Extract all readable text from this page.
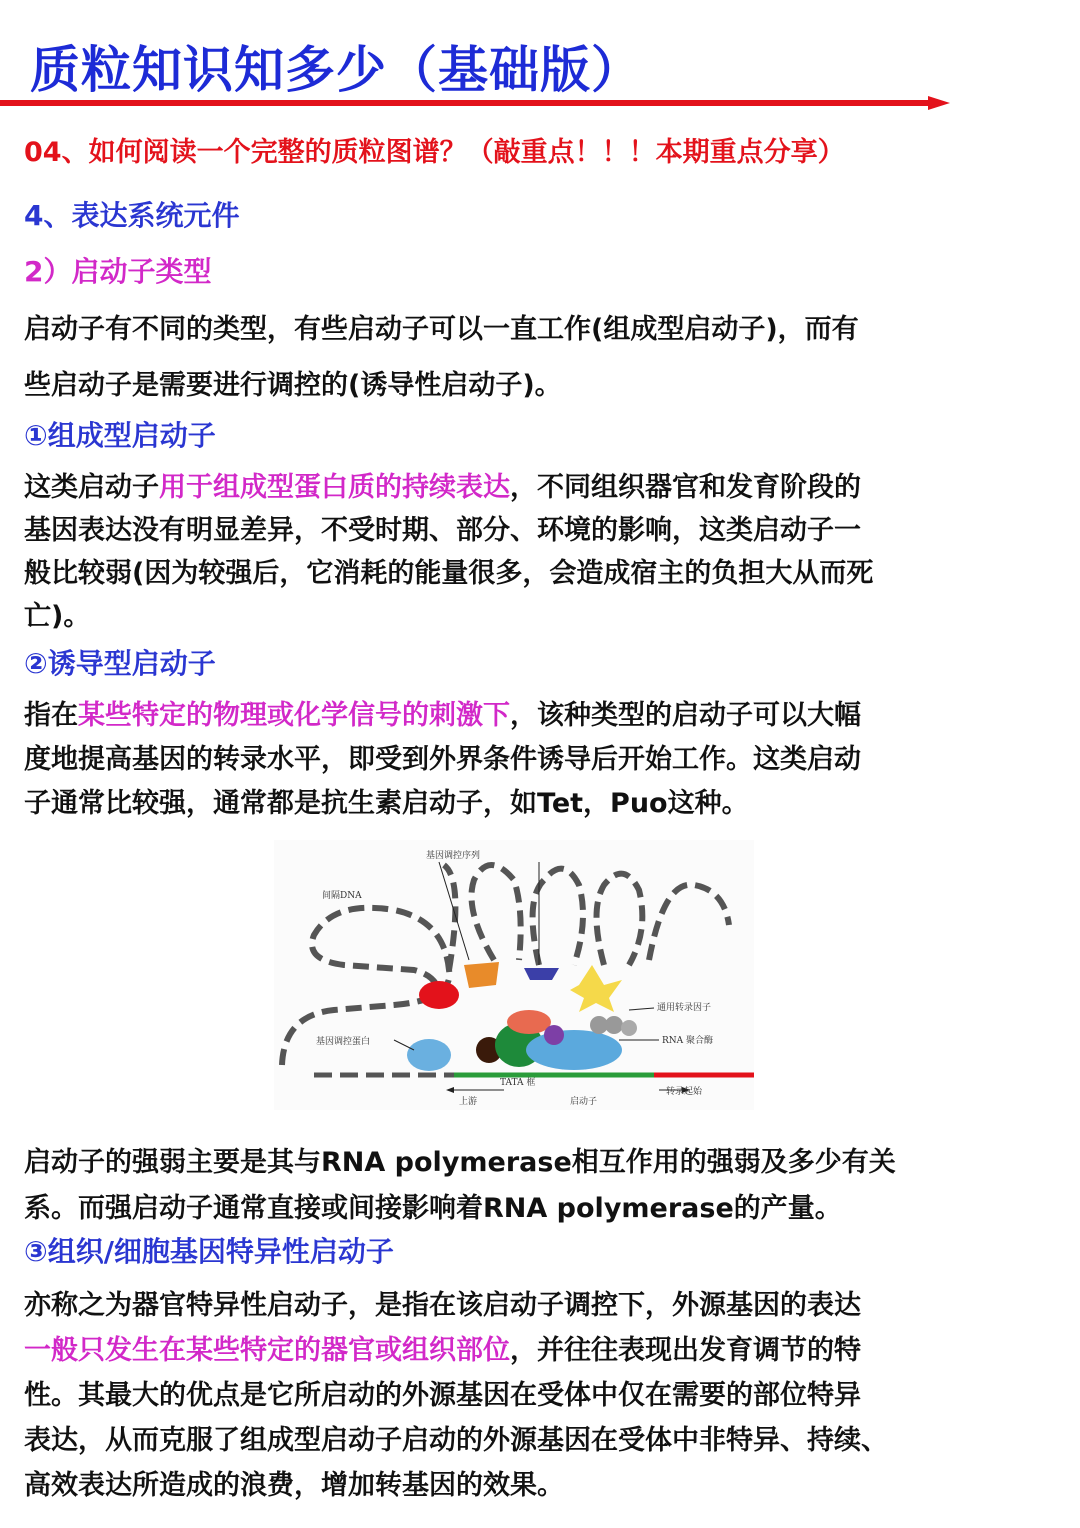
质粒知识知多少（基础版）
04、如何阅读一个完整的质粒图谱？（敲重点！！！本期重点分享）
4、表达系统元件
2）启动子类型
启动子有不同的类型，有些启动子可以一直工作(组成型启动子)，而有
些启动子是需要进行调控的(诱导性启动子)。
①组成型启动子
这类启动子用于组成型蛋白质的持续表达，不同组织器官和发育阶段的
基因表达没有明显差异，不受时期、部分、环境的影响，这类启动子一
般比较弱(因为较强后，它消耗的能量很多，会造成宿主的负担大从而死
亡)。
②诱导型启动子
指在某些特定的物理或化学信号的刺激下，该种类型的启动子可以大幅
度地提高基因的转录水平，即受到外界条件诱导后开始工作。这类启动
子通常比较强，通常都是抗生素启动子，如Tet，Puo这种。
基因调控序列
间隔DNA
通用转录因子
RNA 聚合酶
基因调控蛋白
TATA 框
上游	启动子
转录起始
启动子的强弱主要是其与RNA polymerase相互作用的强弱及多少有关
系。而强启动子通常直接或间接影响着RNA polymerase的产量。
③组织/细胞基因特异性启动子
亦称之为器官特异性启动子，是指在该启动子调控下，外源基因的表达
一般只发生在某些特定的器官或组织部位，并往往表现出发育调节的特
性。其最大的优点是它所启动的外源基因在受体中仅在需要的部位特异
表达，从而克服了组成型启动子启动的外源基因在受体中非特异、持续、
高效表达所造成的浪费，增加转基因的效果。
